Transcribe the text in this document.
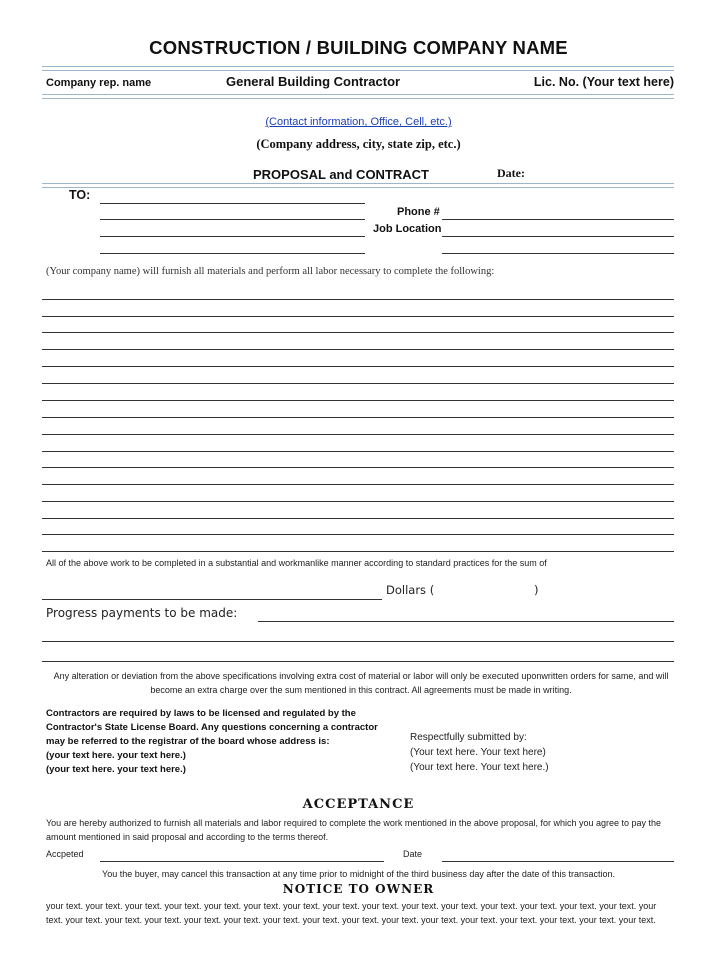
CONSTRUCTION / BUILDING COMPANY NAME
Company rep. name	General Building Contractor	Lic. No. (Your text here)
(Contact information, Office, Cell, etc.)
(Company address, city, state zip, etc.)
PROPOSAL and CONTRACT	Date:
TO:
Phone #
Job Location
(Your company name) will furnish all materials and perform all labor necessary to complete the following:
All of the above work to be completed in a substantial and workmanlike manner according to standard practices for the sum of
Dollars (	)
Progress payments to be made:
Any alteration or deviation from the above specifications involving extra cost of material or labor will only be executed uponwritten orders for same, and will become an extra charge over the sum mentioned in this contract. All agreements must be made in writing.
Contractors are required by laws to be licensed and regulated by the Contractor's State License Board. Any questions concerning a contractor may be referred to the registrar of the board whose address is:
(your text here. your text here.)
(your text here. your text here.)
Respectfully submitted by:
(Your text here. Your text here)
(Your text here. Your text here.)
ACCEPTANCE
You are hereby authorized to furnish all materials and labor required to complete the work mentioned in the above proposal, for which you agree to pay the amount mentioned in said proposal and according to the terms thereof.
Accpeted	Date
You the buyer, may cancel this transaction at any time prior to midnight of the third business day after the date of this transaction.
NOTICE TO OWNER
your text. your text. your text. your text. your text. your text. your text. your text. your text. your text. your text. your text. your text. your text. your text. your text. your text. your text. your text. your text. your text. your text. your text. your text. your text. your text. your text. your text. your text. your text. your text.
